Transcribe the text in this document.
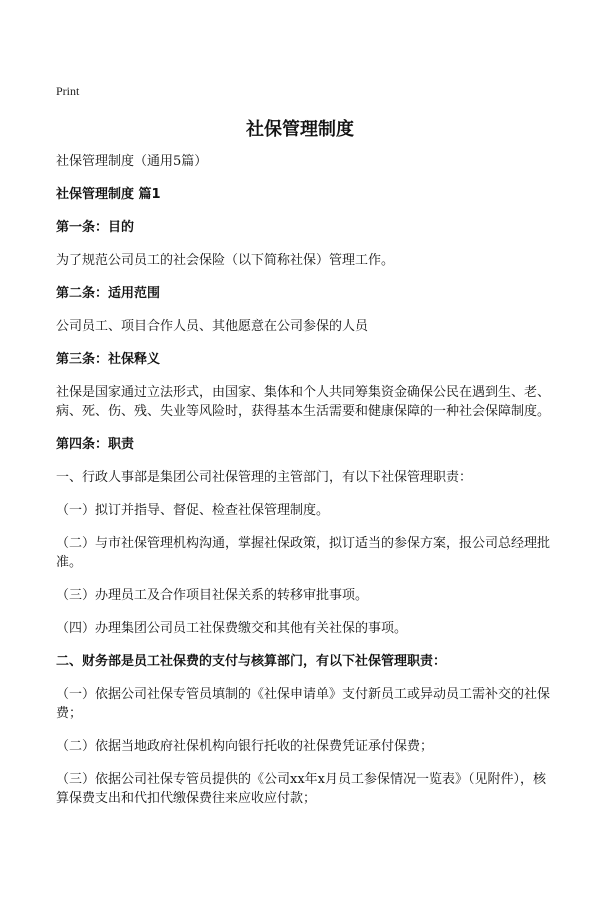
Print
社保管理制度
社保管理制度（通用5篇）
社保管理制度 篇1
第一条：目的
为了规范公司员工的社会保险（以下简称社保）管理工作。
第二条：适用范围
公司员工、项目合作人员、其他愿意在公司参保的人员
第三条：社保释义
社保是国家通过立法形式，由国家、集体和个人共同筹集资金确保公民在遇到生、老、病、死、伤、残、失业等风险时，获得基本生活需要和健康保障的一种社会保障制度。
第四条：职责
一、行政人事部是集团公司社保管理的主管部门，有以下社保管理职责：
（一）拟订并指导、督促、检查社保管理制度。
（二）与市社保管理机构沟通，掌握社保政策，拟订适当的参保方案，报公司总经理批准。
（三）办理员工及合作项目社保关系的转移审批事项。
（四）办理集团公司员工社保费缴交和其他有关社保的事项。
二、财务部是员工社保费的支付与核算部门，有以下社保管理职责：
（一）依据公司社保专管员填制的《社保申请单》支付新员工或异动员工需补交的社保费；
（二）依据当地政府社保机构向银行托收的社保费凭证承付保费；
（三）依据公司社保专管员提供的《公司xx年x月员工参保情况一览表》（见附件），核算保费支出和代扣代缴保费往来应收应付款；
